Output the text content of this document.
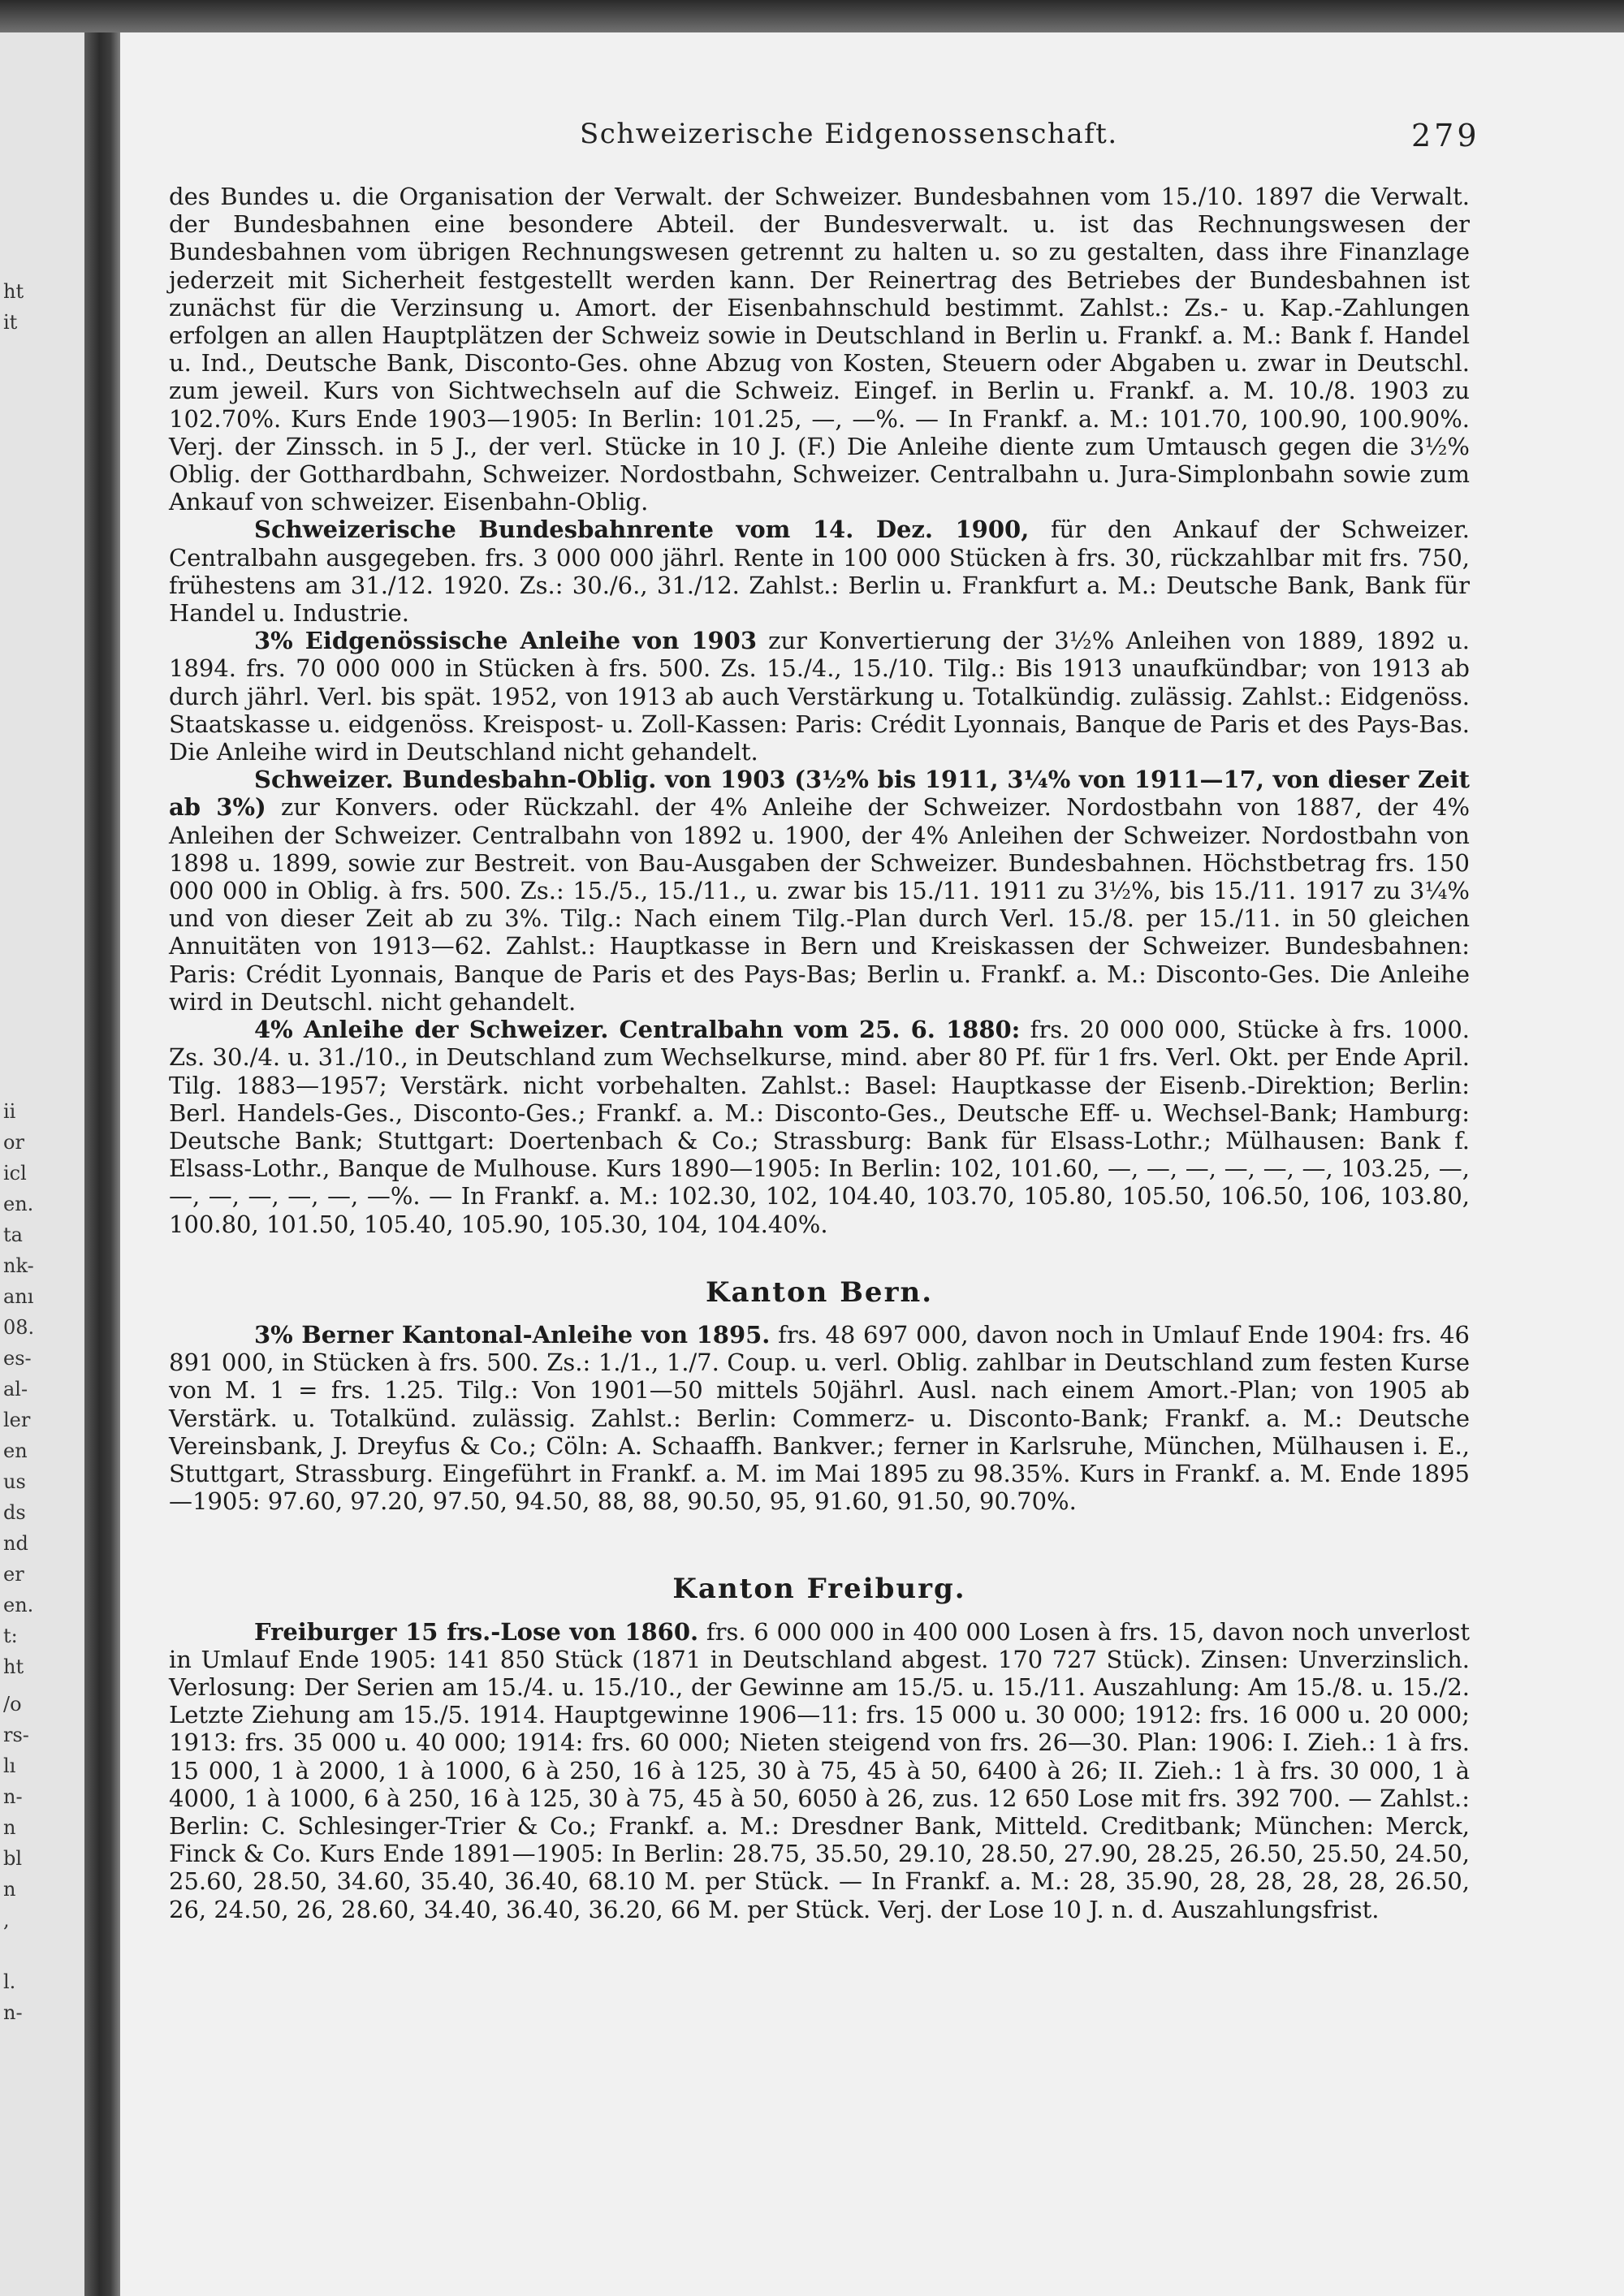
ht
it
ii
or
icl
en.
ta
nk-
anı
08.
es-
al-
ler
en
us
ds
nd
er
en.
t:
ht
/o
rs-
lı
n-
n
bl
n
,

l.
n-
Schweizerische Eidgenossenschaft.	279

des Bundes u. die Organisation der Verwalt. der Schweizer. Bundesbahnen vom 15./10. 1897 die Verwalt. der Bundesbahnen eine besondere Abteil. der Bundesverwalt. u. ist das Rechnungswesen der Bundesbahnen vom übrigen Rechnungswesen getrennt zu halten u. so zu gestalten, dass ihre Finanzlage jederzeit mit Sicherheit festgestellt werden kann. Der Reinertrag des Betriebes der Bundesbahnen ist zunächst für die Verzinsung u. Amort. der Eisenbahnschuld bestimmt. Zahlst.: Zs.- u. Kap.-Zahlungen erfolgen an allen Hauptplätzen der Schweiz sowie in Deutschland in Berlin u. Frankf. a. M.: Bank f. Handel u. Ind., Deutsche Bank, Disconto-Ges. ohne Abzug von Kosten, Steuern oder Abgaben u. zwar in Deutschl. zum jeweil. Kurs von Sichtwechseln auf die Schweiz. Eingef. in Berlin u. Frankf. a. M. 10./8. 1903 zu 102.70%. Kurs Ende 1903—1905: In Berlin: 101.25, —, —%. — In Frankf. a. M.: 101.70, 100.90, 100.90%. Verj. der Zinssch. in 5 J., der verl. Stücke in 10 J. (F.) Die Anleihe diente zum Umtausch gegen die 3½% Oblig. der Gotthardbahn, Schweizer. Nordostbahn, Schweizer. Centralbahn u. Jura-Simplonbahn sowie zum Ankauf von schweizer. Eisenbahn-Oblig.

Schweizerische Bundesbahnrente vom 14. Dez. 1900, für den Ankauf der Schweizer. Centralbahn ausgegeben. frs. 3 000 000 jährl. Rente in 100 000 Stücken à frs. 30, rückzahlbar mit frs. 750, frühestens am 31./12. 1920. Zs.: 30./6., 31./12. Zahlst.: Berlin u. Frankfurt a. M.: Deutsche Bank, Bank für Handel u. Industrie.

3% Eidgenössische Anleihe von 1903 zur Konvertierung der 3½% Anleihen von 1889, 1892 u. 1894. frs. 70 000 000 in Stücken à frs. 500. Zs. 15./4., 15./10. Tilg.: Bis 1913 unaufkündbar; von 1913 ab durch jährl. Verl. bis spät. 1952, von 1913 ab auch Verstärkung u. Totalkündig. zulässig. Zahlst.: Eidgenöss. Staatskasse u. eidgenöss. Kreispost- u. Zoll-Kassen: Paris: Crédit Lyonnais, Banque de Paris et des Pays-Bas. Die Anleihe wird in Deutschland nicht gehandelt.

Schweizer. Bundesbahn-Oblig. von 1903 (3½% bis 1911, 3¼% von 1911—17, von dieser Zeit ab 3%) zur Konvers. oder Rückzahl. der 4% Anleihe der Schweizer. Nordostbahn von 1887, der 4% Anleihen der Schweizer. Centralbahn von 1892 u. 1900, der 4% Anleihen der Schweizer. Nordostbahn von 1898 u. 1899, sowie zur Bestreit. von Bau-Ausgaben der Schweizer. Bundesbahnen. Höchstbetrag frs. 150 000 000 in Oblig. à frs. 500. Zs.: 15./5., 15./11., u. zwar bis 15./11. 1911 zu 3½%, bis 15./11. 1917 zu 3¼% und von dieser Zeit ab zu 3%. Tilg.: Nach einem Tilg.-Plan durch Verl. 15./8. per 15./11. in 50 gleichen Annuitäten von 1913—62. Zahlst.: Hauptkasse in Bern und Kreiskassen der Schweizer. Bundesbahnen: Paris: Crédit Lyonnais, Banque de Paris et des Pays-Bas; Berlin u. Frankf. a. M.: Disconto-Ges. Die Anleihe wird in Deutschl. nicht gehandelt.

4% Anleihe der Schweizer. Centralbahn vom 25. 6. 1880: frs. 20 000 000, Stücke à frs. 1000. Zs. 30./4. u. 31./10., in Deutschland zum Wechselkurse, mind. aber 80 Pf. für 1 frs. Verl. Okt. per Ende April. Tilg. 1883—1957; Verstärk. nicht vorbehalten. Zahlst.: Basel: Hauptkasse der Eisenb.-Direktion; Berlin: Berl. Handels-Ges., Disconto-Ges.; Frankf. a. M.: Disconto-Ges., Deutsche Eff- u. Wechsel-Bank; Hamburg: Deutsche Bank; Stuttgart: Doertenbach & Co.; Strassburg: Bank für Elsass-Lothr.; Mülhausen: Bank f. Elsass-Lothr., Banque de Mulhouse. Kurs 1890—1905: In Berlin: 102, 101.60, —, —, —, —, —, —, 103.25, —, —, —, —, —, —, —%. — In Frankf. a. M.: 102.30, 102, 104.40, 103.70, 105.80, 105.50, 106.50, 106, 103.80, 100.80, 101.50, 105.40, 105.90, 105.30, 104, 104.40%.

Kanton Bern.

3% Berner Kantonal-Anleihe von 1895. frs. 48 697 000, davon noch in Umlauf Ende 1904: frs. 46 891 000, in Stücken à frs. 500. Zs.: 1./1., 1./7. Coup. u. verl. Oblig. zahlbar in Deutschland zum festen Kurse von M. 1 = frs. 1.25. Tilg.: Von 1901—50 mittels 50jährl. Ausl. nach einem Amort.-Plan; von 1905 ab Verstärk. u. Totalkünd. zulässig. Zahlst.: Berlin: Commerz- u. Disconto-Bank; Frankf. a. M.: Deutsche Vereinsbank, J. Dreyfus & Co.; Cöln: A. Schaaffh. Bankver.; ferner in Karlsruhe, München, Mülhausen i. E., Stuttgart, Strassburg. Eingeführt in Frankf. a. M. im Mai 1895 zu 98.35%. Kurs in Frankf. a. M. Ende 1895—1905: 97.60, 97.20, 97.50, 94.50, 88, 88, 90.50, 95, 91.60, 91.50, 90.70%.

Kanton Freiburg.

Freiburger 15 frs.-Lose von 1860. frs. 6 000 000 in 400 000 Losen à frs. 15, davon noch unverlost in Umlauf Ende 1905: 141 850 Stück (1871 in Deutschland abgest. 170 727 Stück). Zinsen: Unverzinslich. Verlosung: Der Serien am 15./4. u. 15./10., der Gewinne am 15./5. u. 15./11. Auszahlung: Am 15./8. u. 15./2. Letzte Ziehung am 15./5. 1914. Hauptgewinne 1906—11: frs. 15 000 u. 30 000; 1912: frs. 16 000 u. 20 000; 1913: frs. 35 000 u. 40 000; 1914: frs. 60 000; Nieten steigend von frs. 26—30. Plan: 1906: I. Zieh.: 1 à frs. 15 000, 1 à 2000, 1 à 1000, 6 à 250, 16 à 125, 30 à 75, 45 à 50, 6400 à 26; II. Zieh.: 1 à frs. 30 000, 1 à 4000, 1 à 1000, 6 à 250, 16 à 125, 30 à 75, 45 à 50, 6050 à 26, zus. 12 650 Lose mit frs. 392 700. — Zahlst.: Berlin: C. Schlesinger-Trier & Co.; Frankf. a. M.: Dresdner Bank, Mitteld. Creditbank; München: Merck, Finck & Co. Kurs Ende 1891—1905: In Berlin: 28.75, 35.50, 29.10, 28.50, 27.90, 28.25, 26.50, 25.50, 24.50, 25.60, 28.50, 34.60, 35.40, 36.40, 68.10 M. per Stück. — In Frankf. a. M.: 28, 35.90, 28, 28, 28, 28, 26.50, 26, 24.50, 26, 28.60, 34.40, 36.40, 36.20, 66 M. per Stück. Verj. der Lose 10 J. n. d. Auszahlungsfrist.
